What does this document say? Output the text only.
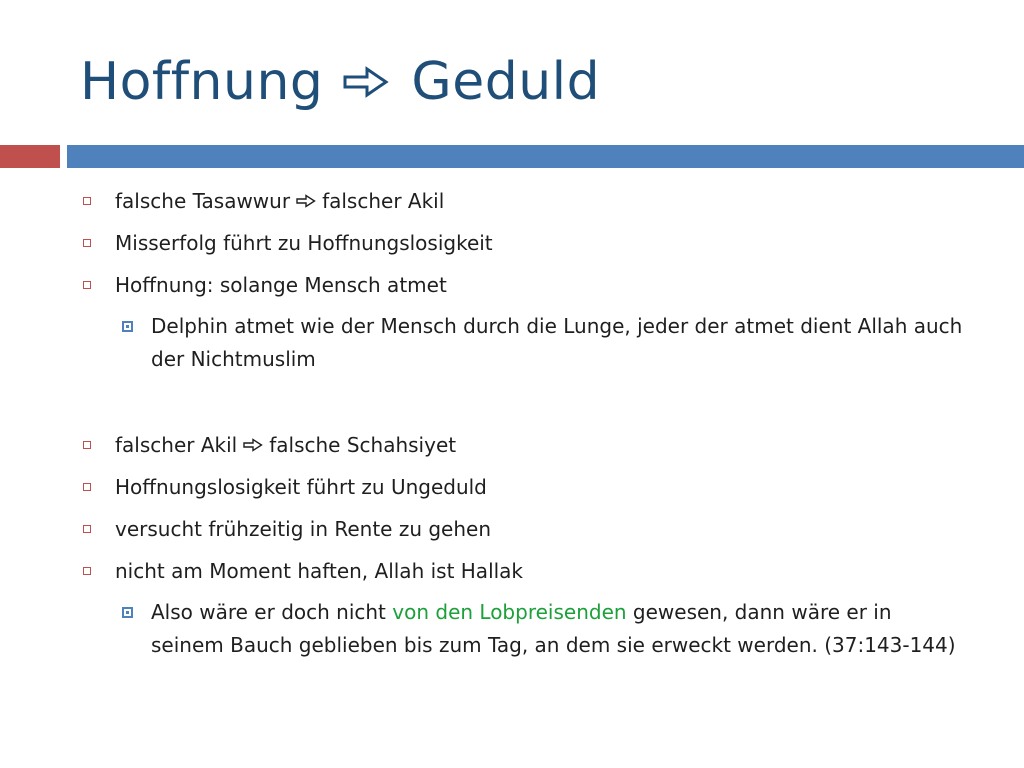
Hoffnung Geduld
falsche Tasawwur falscher Akil
Misserfolg führt zu Hoffnungslosigkeit
Hoffnung: solange Mensch atmet
Delphin atmet wie der Mensch durch die Lunge, jeder der atmet dient Allah auch der Nichtmuslim
falscher Akil falsche Schahsiyet
Hoffnungslosigkeit führt zu Ungeduld
versucht frühzeitig in Rente zu gehen
nicht am Moment haften, Allah ist Hallak
Also wäre er doch nicht von den Lobpreisenden gewesen, dann wäre er in seinem Bauch geblieben bis zum Tag, an dem sie erweckt werden. (37:143-144)
